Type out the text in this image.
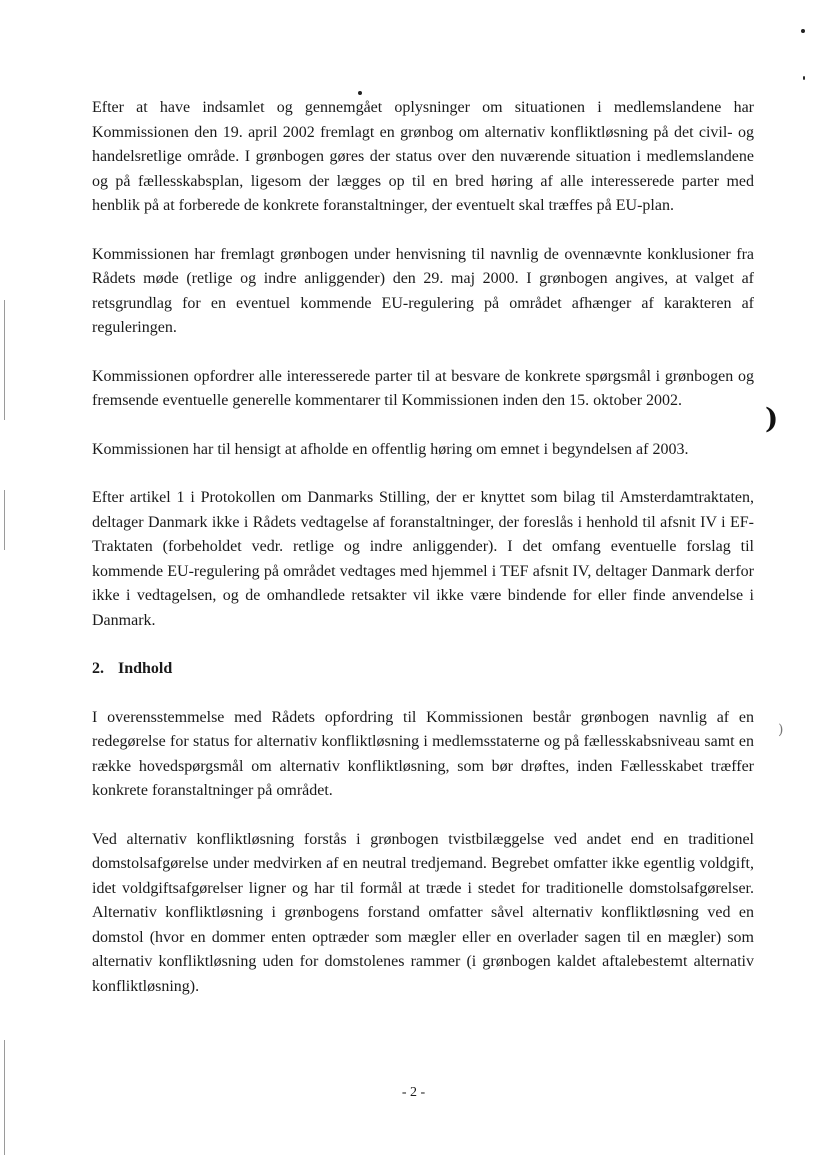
)
)

Efter at have indsamlet og gennemgået oplysninger om situationen i medlemslandene har Kommissionen den 19. april 2002 fremlagt en grønbog om alternativ konfliktløsning på det civil- og handelsretlige område. I grønbogen gøres der status over den nuværende situation i medlemslandene og på fællesskabsplan, ligesom der lægges op til en bred høring af alle interesserede parter med henblik på at forberede de konkrete foranstaltninger, der eventuelt skal træffes på EU-plan.

Kommissionen har fremlagt grønbogen under henvisning til navnlig de ovennævnte konklusioner fra Rådets møde (retlige og indre anliggender) den 29. maj 2000. I grønbogen angives, at valget af retsgrundlag for en eventuel kommende EU-regulering på området afhænger af karakteren af reguleringen.

Kommissionen opfordrer alle interesserede parter til at besvare de konkrete spørgsmål i grønbogen og fremsende eventuelle generelle kommentarer til Kommissionen inden den 15. oktober 2002.

Kommissionen har til hensigt at afholde en offentlig høring om emnet i begyndelsen af 2003.

Efter artikel 1 i Protokollen om Danmarks Stilling, der er knyttet som bilag til Amsterdamtraktaten, deltager Danmark ikke i Rådets vedtagelse af foranstaltninger, der foreslås i henhold til afsnit IV i EF-Traktaten (forbeholdet vedr. retlige og indre anliggender). I det omfang eventuelle forslag til kommende EU-regulering på området vedtages med hjemmel i TEF afsnit IV, deltager Danmark derfor ikke i vedtagelsen, og de omhandlede retsakter vil ikke være bindende for eller finde anvendelse i Danmark.

2. Indhold

I overensstemmelse med Rådets opfordring til Kommissionen består grønbogen navnlig af en redegørelse for status for alternativ konfliktløsning i medlemsstaterne og på fællesskabsniveau samt en række hovedspørgsmål om alternativ konfliktløsning, som bør drøftes, inden Fællesskabet træffer konkrete foranstaltninger på området.

Ved alternativ konfliktløsning forstås i grønbogen tvistbilæggelse ved andet end en traditionel domstolsafgørelse under medvirken af en neutral tredjemand. Begrebet omfatter ikke egentlig voldgift, idet voldgiftsafgørelser ligner og har til formål at træde i stedet for traditionelle domstolsafgørelser. Alternativ konfliktløsning i grønbogens forstand omfatter såvel alternativ konfliktløsning ved en domstol (hvor en dommer enten optræder som mægler eller en overlader sagen til en mægler) som alternativ konfliktløsning uden for domstolenes rammer (i grønbogen kaldet aftalebestemt alternativ konfliktløsning).

- 2 -
